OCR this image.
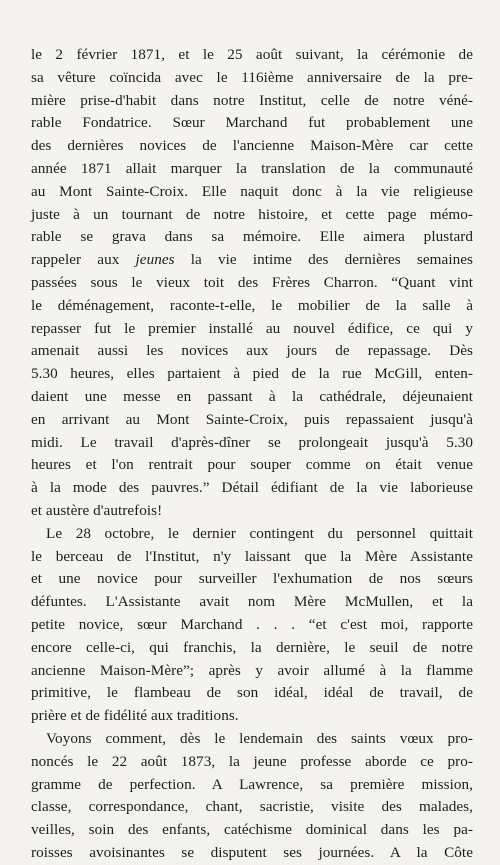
le 2 février 1871, et le 25 août suivant, la cérémonie de
sa vêture coïncida avec le 116ième anniversaire de la pre-
mière prise-d'habit dans notre Institut, celle de notre véné-
rable Fondatrice. Sœur Marchand fut probablement une
des dernières novices de l'ancienne Maison-Mère car cette
année 1871 allait marquer la translation de la communauté
au Mont Sainte-Croix. Elle naquit donc à la vie religieuse
juste à un tournant de notre histoire, et cette page mémo-
rable se grava dans sa mémoire. Elle aimera plustard
rappeler aux jeunes la vie intime des dernières semaines
passées sous le vieux toit des Frères Charron. “Quant vint
le déménagement, raconte-t-elle, le mobilier de la salle à
repasser fut le premier installé au nouvel édifice, ce qui y
amenait aussi les novices aux jours de repassage. Dès
5.30 heures, elles partaient à pied de la rue McGill, enten-
daient une messe en passant à la cathédrale, déjeunaient
en arrivant au Mont Sainte-Croix, puis repassaient jusqu'à
midi. Le travail d'après-dîner se prolongeait jusqu'à 5.30
heures et l'on rentrait pour souper comme on était venue
à la mode des pauvres.” Détail édifiant de la vie laborieuse
et austère d'autrefois!
Le 28 octobre, le dernier contingent du personnel quittait
le berceau de l'Institut, n'y laissant que la Mère Assistante
et une novice pour surveiller l'exhumation de nos sœurs
défuntes. L'Assistante avait nom Mère McMullen, et la
petite novice, sœur Marchand . . . “et c'est moi, rapporte
encore celle-ci, qui franchis, la dernière, le seuil de notre
ancienne Maison-Mère”; après y avoir allumé à la flamme
primitive, le flambeau de son idéal, idéal de travail, de
prière et de fidélité aux traditions.
Voyons comment, dès le lendemain des saints vœux pro-
noncés le 22 août 1873, la jeune professe aborde ce pro-
gramme de perfection. A Lawrence, sa première mission,
classe, correspondance, chant, sacristie, visite des malades,
veilles, soin des enfants, catéchisme dominical dans les pa-
roisses avoisinantes se disputent ses journées. A la Côte
